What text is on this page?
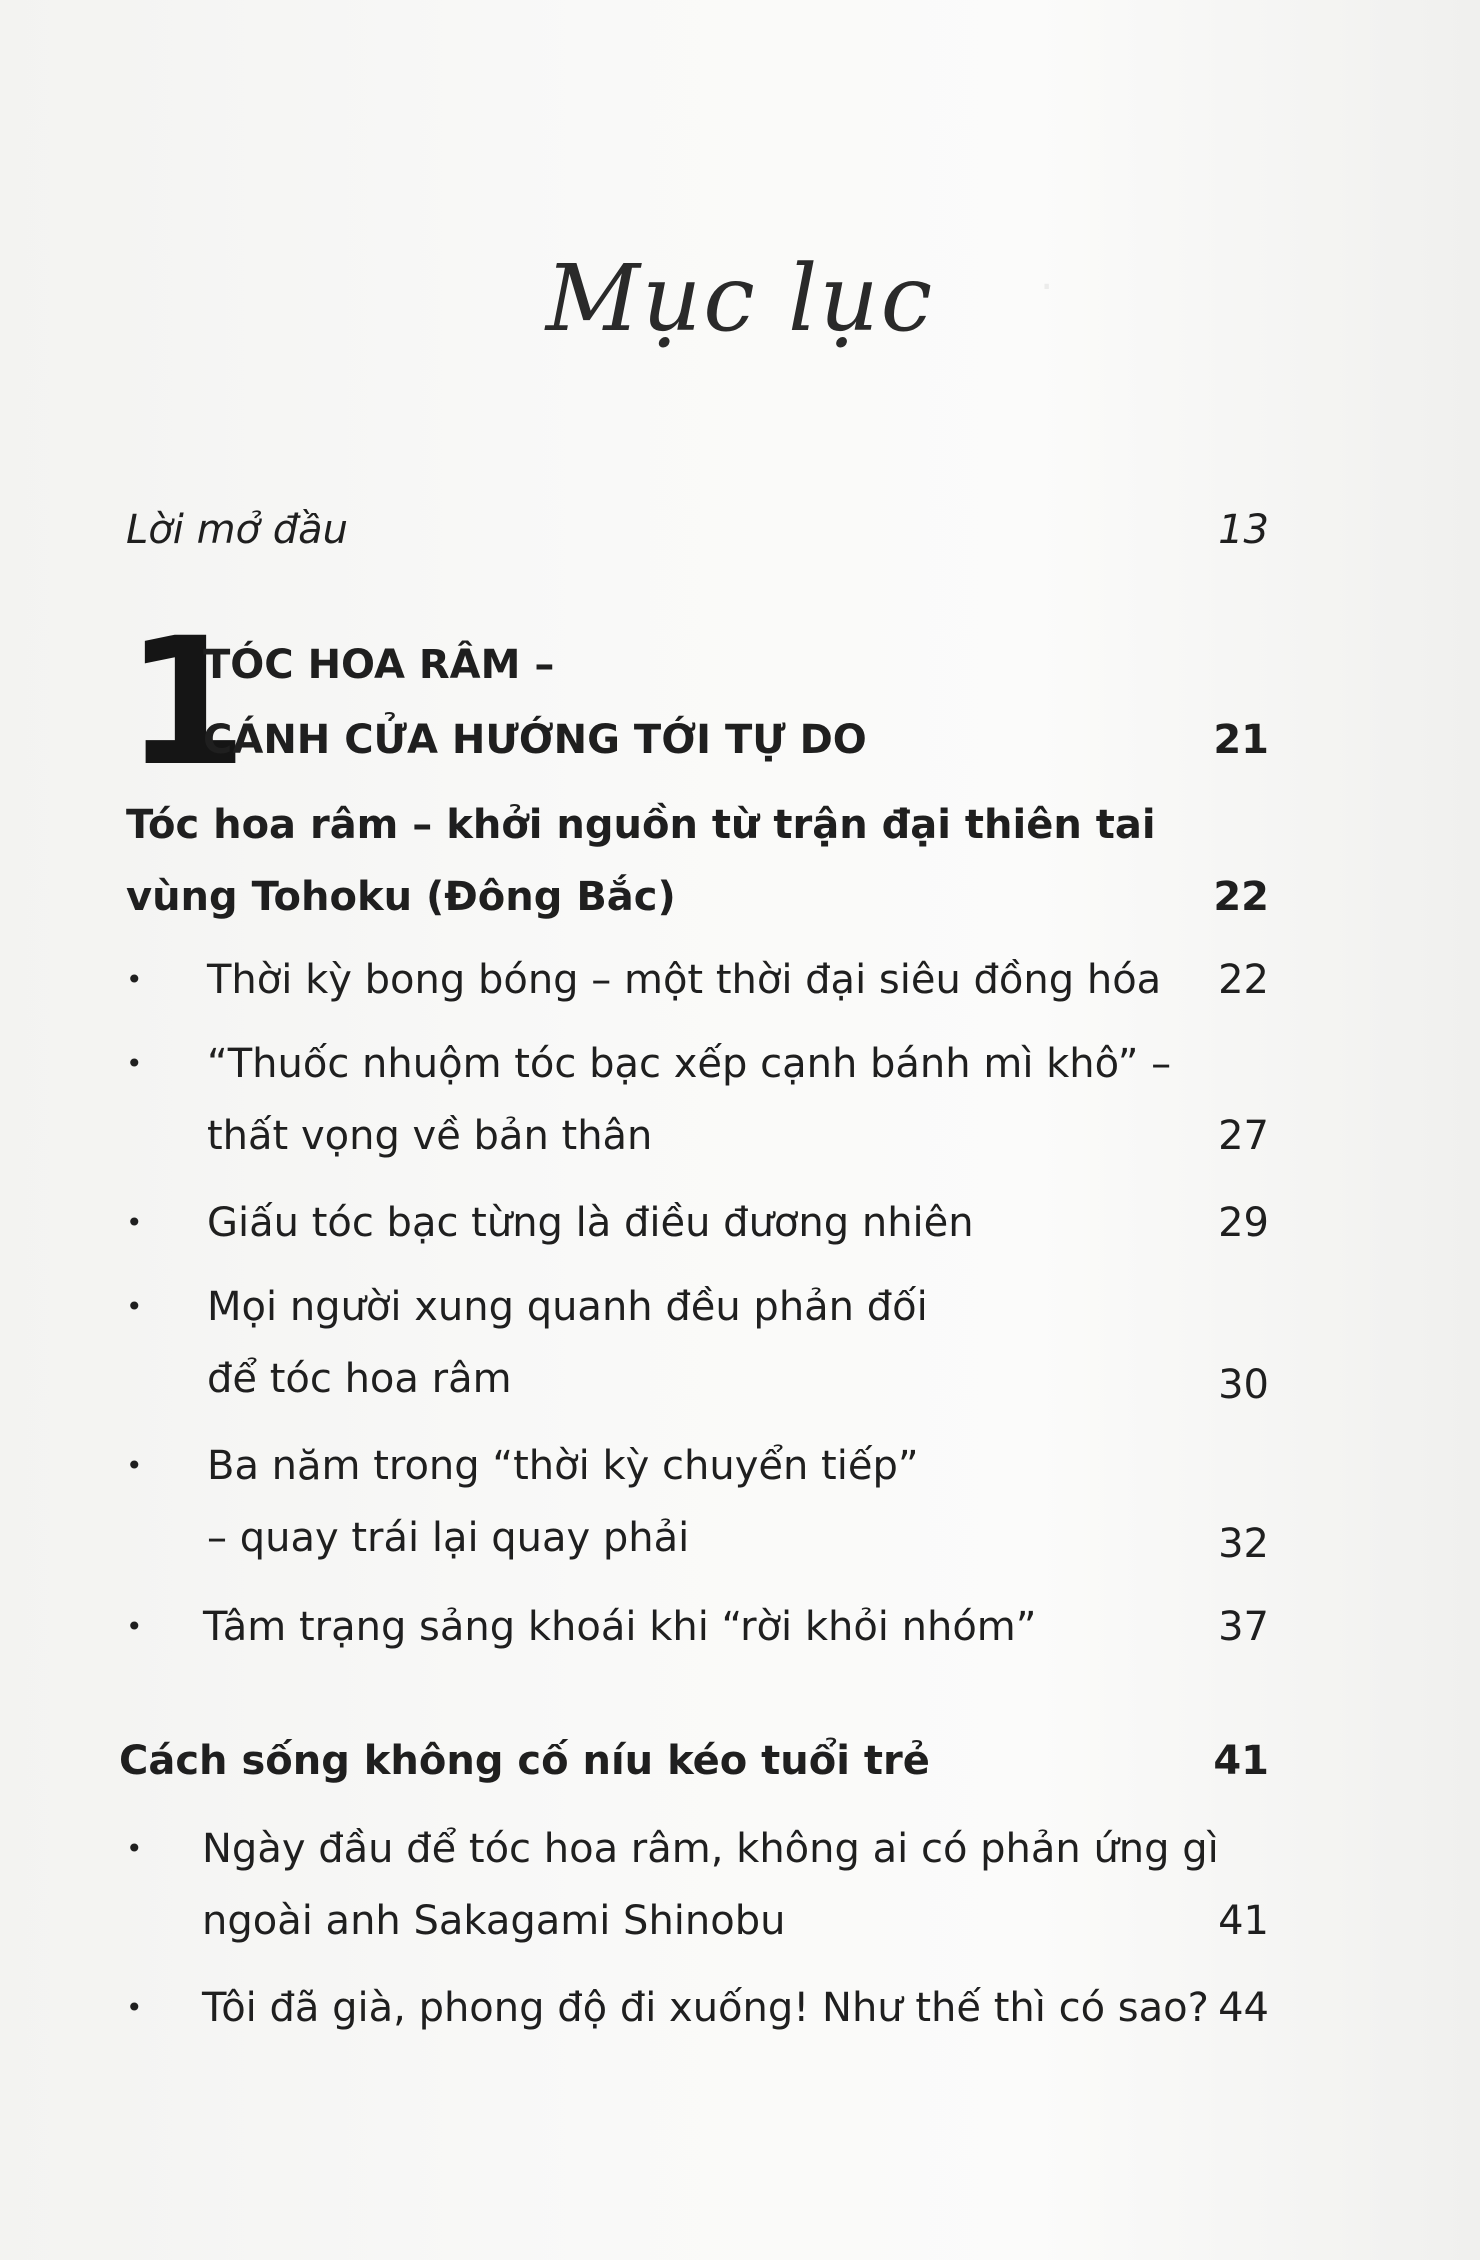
·
Mục lục
Lời mở đầu	13
1
TÓC HOA RÂM –
CÁNH CỬA HƯỚNG TỚI TỰ DO	21
Tóc hoa râm – khởi nguồn từ trận đại thiên tai
vùng Tohoku (Đông Bắc)	22
• Thời kỳ bong bóng – một thời đại siêu đồng hóa 22
• “Thuốc nhuộm tóc bạc xếp cạnh bánh mì khô” –
thất vọng về bản thân	27
• Giấu tóc bạc từng là điều đương nhiên	29
• Mọi người xung quanh đều phản đối
để tóc hoa râm	30
• Ba năm trong “thời kỳ chuyển tiếp”
– quay trái lại quay phải	32
• Tâm trạng sảng khoái khi “rời khỏi nhóm”	37
Cách sống không cố níu kéo tuổi trẻ	41
• Ngày đầu để tóc hoa râm, không ai có phản ứng gì
ngoài anh Sakagami Shinobu	41
• Tôi đã già, phong độ đi xuống! Như thế thì có sao? 44
